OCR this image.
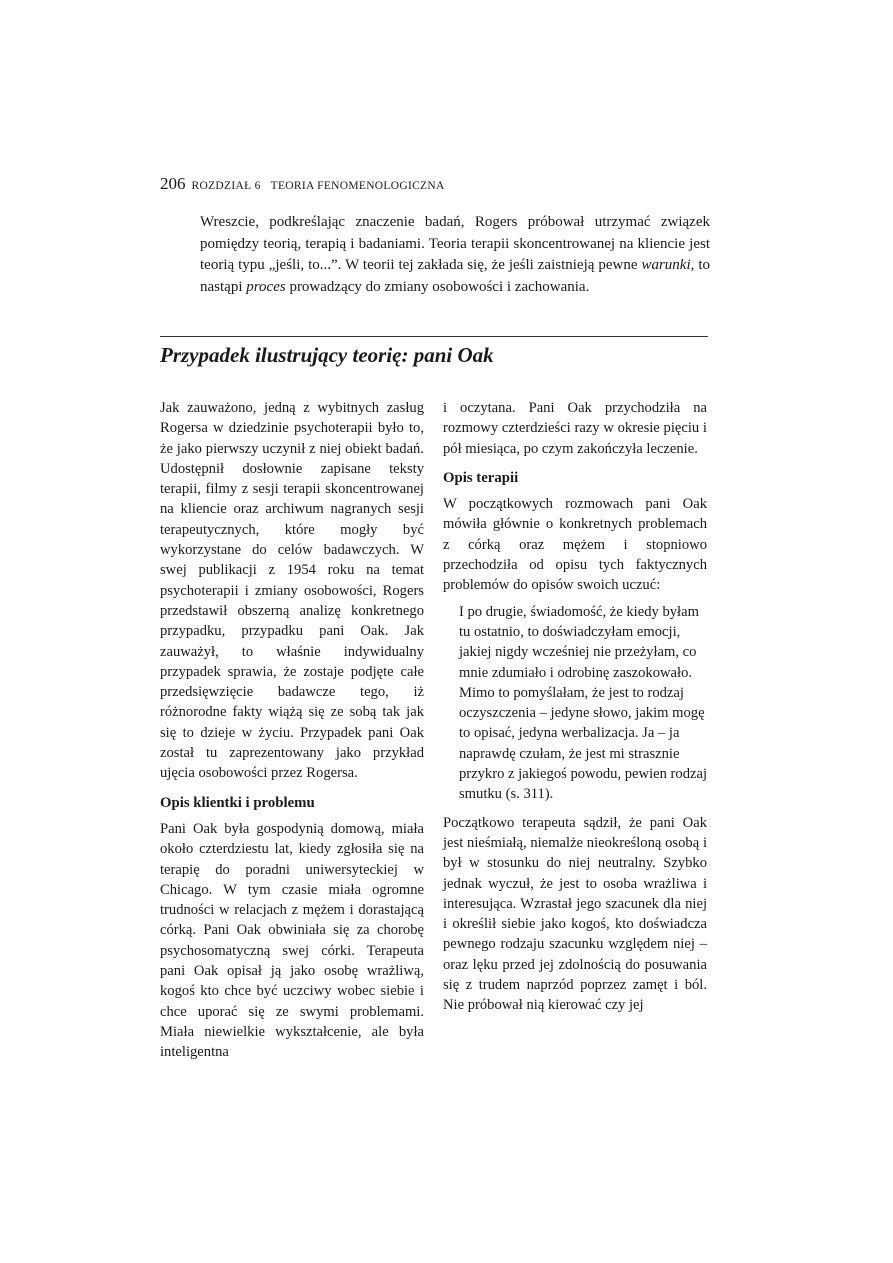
206 ROZDZIAŁ 6 TEORIA FENOMENOLOGICZNA
Wreszcie, podkreślając znaczenie badań, Rogers próbował utrzymać związek pomiędzy teorią, terapią i badaniami. Teoria terapii skoncentrowanej na kliencie jest teorią typu „jeśli, to...”. W teorii tej zakłada się, że jeśli zaistnieją pewne warunki, to nastąpi proces prowadzący do zmiany osobowości i zachowania.
Przypadek ilustrujący teorię: pani Oak

Jak zauważono, jedną z wybitnych zasług Rogersa w dziedzinie psychoterapii było to, że jako pierwszy uczynił z niej obiekt badań. Udostępnił dosłownie zapisane teksty terapii, filmy z sesji terapii skoncentrowanej na kliencie oraz archiwum nagranych sesji terapeutycznych, które mogły być wykorzystane do celów badawczych. W swej publikacji z 1954 roku na temat psychoterapii i zmiany osobowości, Rogers przedstawił obszerną analizę konkretnego przypadku, przypadku pani Oak. Jak zauważył, to właśnie indywidualny przypadek sprawia, że zostaje podjęte całe przedsięwzięcie badawcze tego, iż różnorodne fakty wiążą się ze sobą tak jak się to dzieje w życiu. Przypadek pani Oak został tu zaprezentowany jako przykład ujęcia osobowości przez Rogersa.

Opis klientki i problemu

Pani Oak była gospodynią domową, miała około czterdziestu lat, kiedy zgłosiła się na terapię do poradni uniwersyteckiej w Chicago. W tym czasie miała ogromne trudności w relacjach z mężem i dorastającą córką. Pani Oak obwiniała się za chorobę psychosomatyczną swej córki. Terapeuta pani Oak opisał ją jako osobę wrażliwą, kogoś kto chce być uczciwy wobec siebie i chce uporać się ze swymi problemami. Miała niewielkie wykształcenie, ale była inteligentna

i oczytana. Pani Oak przychodziła na rozmowy czterdzieści razy w okresie pięciu i pół miesiąca, po czym zakończyła leczenie.

Opis terapii

W początkowych rozmowach pani Oak mówiła głównie o konkretnych problemach z córką oraz mężem i stopniowo przechodziła od opisu tych faktycznych problemów do opisów swoich uczuć:

I po drugie, świadomość, że kiedy byłam tu ostatnio, to doświadczyłam emocji, jakiej nigdy wcześniej nie przeżyłam, co mnie zdumiało i odrobinę zaszokowało. Mimo to pomyślałam, że jest to rodzaj oczyszczenia – jedyne słowo, jakim mogę to opisać, jedyna werbalizacja. Ja – ja naprawdę czułam, że jest mi strasznie przykro z jakiegoś powodu, pewien rodzaj smutku (s. 311).

Początkowo terapeuta sądził, że pani Oak jest nieśmiałą, niemalże nieokreśloną osobą i był w stosunku do niej neutralny. Szybko jednak wyczuł, że jest to osoba wrażliwa i interesująca. Wzrastał jego szacunek dla niej i określił siebie jako kogoś, kto doświadcza pewnego rodzaju szacunku względem niej – oraz lęku przed jej zdolnością do posuwania się z trudem naprzód poprzez zamęt i ból. Nie próbował nią kierować czy jej
